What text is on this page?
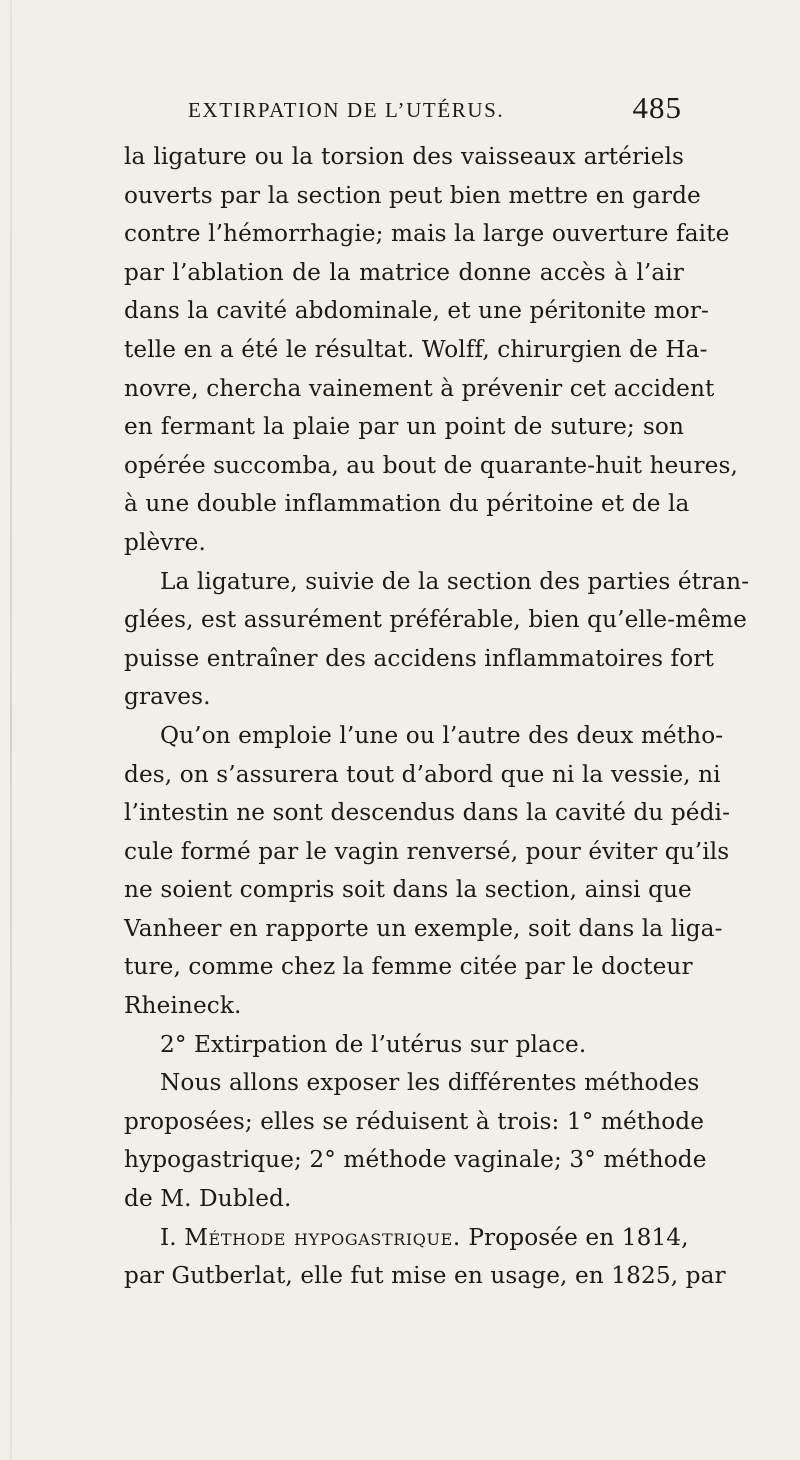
EXTIRPATION DE L’UTÉRUS.	485
la ligature ou la torsion des vaisseaux artériels
ouverts par la section peut bien mettre en garde
contre l’hémorrhagie; mais la large ouverture faite
par l’ablation de la matrice donne accès à l’air
dans la cavité abdominale, et une péritonite mor-
telle en a été le résultat. Wolff, chirurgien de Ha-
novre, chercha vainement à prévenir cet accident
en fermant la plaie par un point de suture; son
opérée succomba, au bout de quarante-huit heures,
à une double inflammation du péritoine et de la
plèvre.
La ligature, suivie de la section des parties étran-
glées, est assurément préférable, bien qu’elle-même
puisse entraîner des accidens inflammatoires fort
graves.
Qu’on emploie l’une ou l’autre des deux métho-
des, on s’assurera tout d’abord que ni la vessie, ni
l’intestin ne sont descendus dans la cavité du pédi-
cule formé par le vagin renversé, pour éviter qu’ils
ne soient compris soit dans la section, ainsi que
Vanheer en rapporte un exemple, soit dans la liga-
ture, comme chez la femme citée par le docteur
Rheineck.
2° Extirpation de l’utérus sur place.
Nous allons exposer les différentes méthodes
proposées; elles se réduisent à trois: 1° méthode
hypogastrique; 2° méthode vaginale; 3° méthode
de M. Dubled.
I. Méthode hypogastrique. Proposée en 1814,
par Gutberlat, elle fut mise en usage, en 1825, par
